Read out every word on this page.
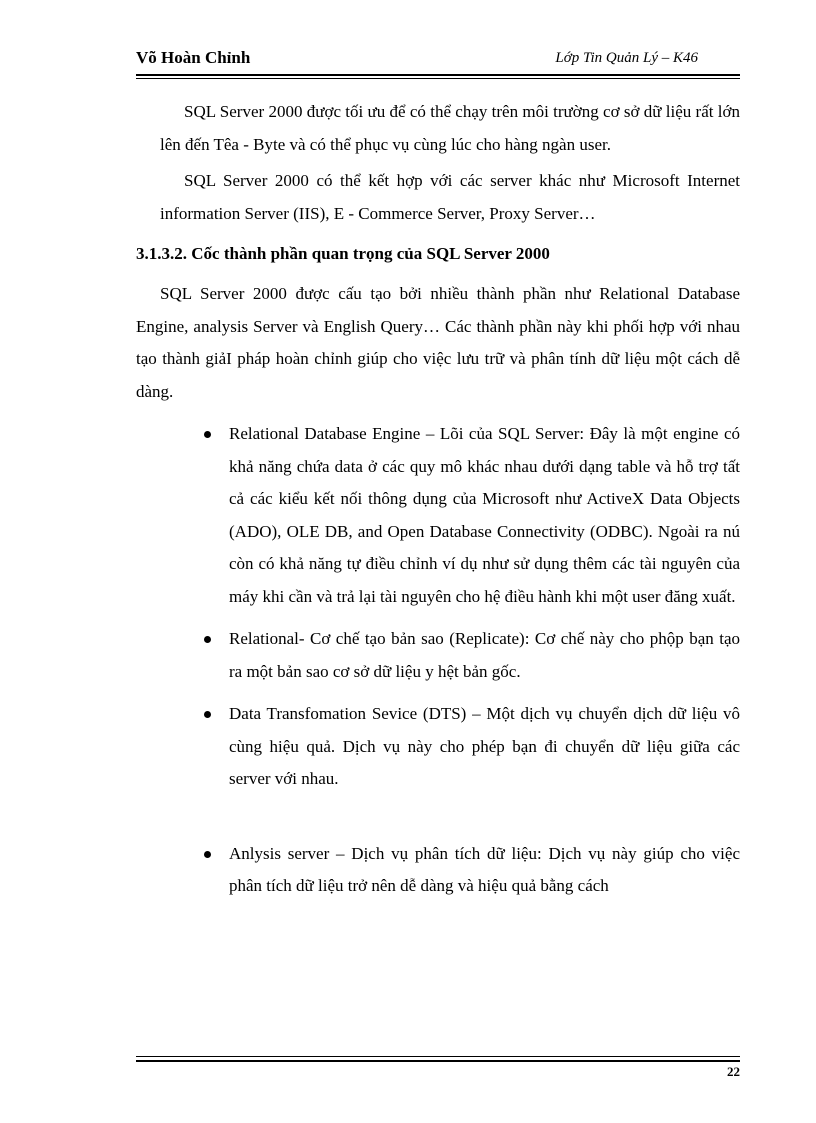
Võ Hoàn Chỉnh	Lớp Tin Quản Lý – K46

SQL Server 2000 được tối ưu để có thể chạy trên môi trường cơ sở dữ liệu rất lớn lên đến Têa - Byte và có thể phục vụ cùng lúc cho hàng ngàn user.

SQL Server 2000 có thể kết hợp với các server khác như Microsoft Internet information Server (IIS), E - Commerce Server, Proxy Server…

3.1.3.2. Cốc thành phần quan trọng của SQL Server 2000

SQL Server 2000 được cấu tạo bởi nhiều thành phần như Relational Database Engine, analysis Server và English Query… Các thành phần này khi phối hợp với nhau tạo thành giảI pháp hoàn chỉnh giúp cho việc lưu trữ và phân tính dữ liệu một cách dễ dàng.

Relational Database Engine – Lõi của SQL Server: Đây là một engine có khả năng chứa data ở các quy mô khác nhau dưới dạng table và hỗ trợ tất cả các kiểu kết nối thông dụng của Microsoft như ActiveX Data Objects (ADO), OLE DB, and Open Database Connectivity (ODBC). Ngoài ra nú còn có khả năng tự điều chỉnh ví dụ như sử dụng thêm các tài nguyên của máy khi cần và trả lại tài nguyên cho hệ điều hành khi một user đăng xuất.
Relational- Cơ chế tạo bản sao (Replicate): Cơ chế này cho phộp bạn tạo ra một bản sao cơ sở dữ liệu y hệt bản gốc.
Data Transfomation Sevice (DTS) – Một dịch vụ chuyển dịch dữ liệu vô cùng hiệu quả. Dịch vụ này cho phép bạn đi chuyển dữ liệu giữa các server với nhau.
Anlysis server – Dịch vụ phân tích dữ liệu: Dịch vụ này giúp cho việc phân tích dữ liệu trở nên dễ dàng và hiệu quả bằng cách
22
